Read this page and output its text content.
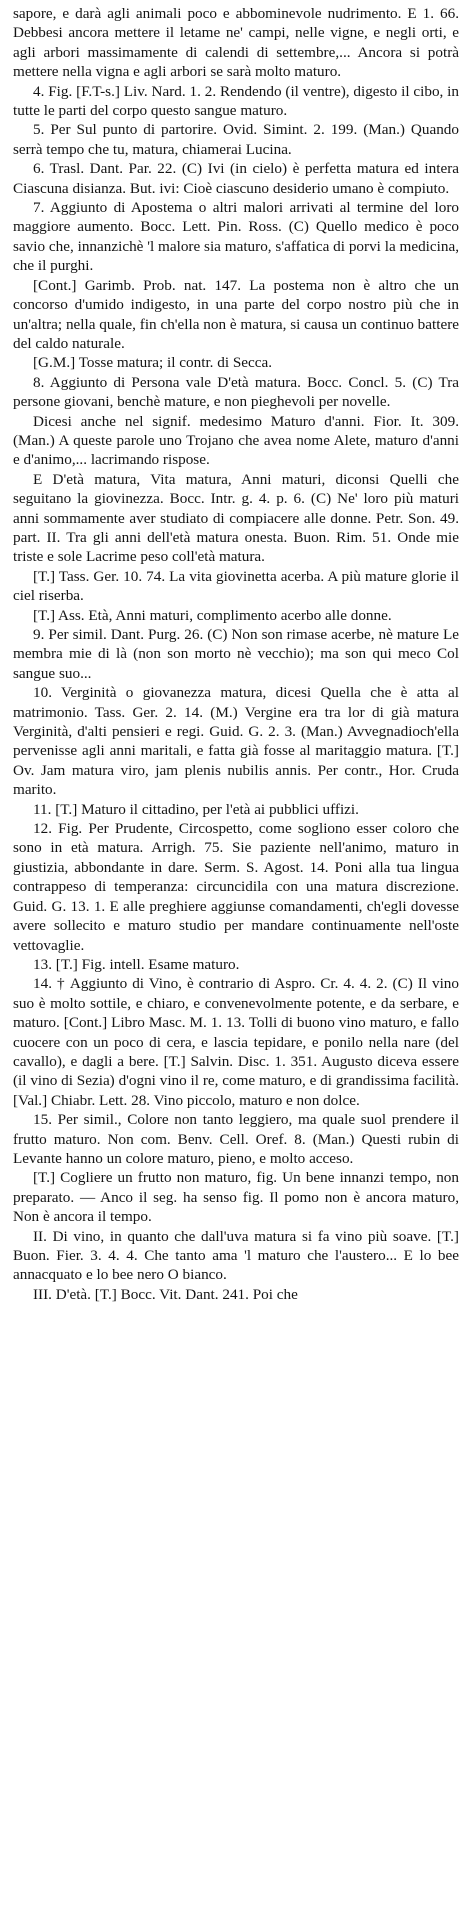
sapore, e darà agli animali poco e abbominevole nudrimento. E 1. 66. Debbesi ancora mettere il letame ne' campi, nelle vigne, e negli orti, e agli arbori massimamente di calendi di settembre,... Ancora si potrà mettere nella vigna e agli arbori se sarà molto maturo.

4. Fig. [F.T-s.] Liv. Nard. 1. 2. Rendendo (il ventre), digesto il cibo, in tutte le parti del corpo questo sangue maturo.

5. Per Sul punto di partorire. Ovid. Simint. 2. 199. (Man.) Quando serrà tempo che tu, matura, chiamerai Lucina.

6. Trasl. Dant. Par. 22. (C) Ivi (in cielo) è perfetta matura ed intera Ciascuna disianza. But. ivi: Cioè ciascuno desiderio umano è compiuto.

7. Aggiunto di Apostema o altri malori arrivati al termine del loro maggiore aumento. Bocc. Lett. Pin. Ross. (C) Quello medico è poco savio che, innanzichè 'l malore sia maturo, s'affatica di porvi la medicina, che il purghi.

[Cont.] Garimb. Prob. nat. 147. La postema non è altro che un concorso d'umido indigesto, in una parte del corpo nostro più che in un'altra; nella quale, fin ch'ella non è matura, si causa un continuo battere del caldo naturale.

[G.M.] Tosse matura; il contr. di Secca.

8. Aggiunto di Persona vale D'età matura. Bocc. Concl. 5. (C) Tra persone giovani, benchè mature, e non pieghevoli per novelle.

Dicesi anche nel signif. medesimo Maturo d'anni. Fior. It. 309. (Man.) A queste parole uno Trojano che avea nome Alete, maturo d'anni e d'animo,... lacrimando rispose.

E D'età matura, Vita matura, Anni maturi, diconsi Quelli che seguitano la giovinezza. Bocc. Intr. g. 4. p. 6. (C) Ne' loro più maturi anni sommamente aver studiato di compiacere alle donne. Petr. Son. 49. part. II. Tra gli anni dell'età matura onesta. Buon. Rim. 51. Onde mie triste e sole Lacrime peso coll'età matura.

[T.] Tass. Ger. 10. 74. La vita giovinetta acerba. A più mature glorie il ciel riserba.

[T.] Ass. Età, Anni maturi, complimento acerbo alle donne.

9. Per simil. Dant. Purg. 26. (C) Non son rimase acerbe, nè mature Le membra mie di là (non son morto nè vecchio); ma son qui meco Col sangue suo...

10. Verginità o giovanezza matura, dicesi Quella che è atta al matrimonio. Tass. Ger. 2. 14. (M.) Vergine era tra lor di già matura Verginità, d'alti pensieri e regi. Guid. G. 2. 3. (Man.) Avvegnadioch'ella pervenisse agli anni maritali, e fatta già fosse al maritaggio matura. [T.] Ov. Jam matura viro, jam plenis nubilis annis. Per contr., Hor. Cruda marito.

11. [T.] Maturo il cittadino, per l'età ai pubblici uffizi.

12. Fig. Per Prudente, Circospetto, come sogliono esser coloro che sono in età matura. Arrigh. 75. Sie paziente nell'animo, maturo in giustizia, abbondante in dare. Serm. S. Agost. 14. Poni alla tua lingua contrappeso di temperanza: circuncidila con una matura discrezione. Guid. G. 13. 1. E alle preghiere aggiunse comandamenti, ch'egli dovesse avere sollecito e maturo studio per mandare continuamente nell'oste vettovaglie.

13. [T.] Fig. intell. Esame maturo.

14. † Aggiunto di Vino, è contrario di Aspro. Cr. 4. 4. 2. (C) Il vino suo è molto sottile, e chiaro, e convenevolmente potente, e da serbare, e maturo. [Cont.] Libro Masc. M. 1. 13. Tolli di buono vino maturo, e fallo cuocere con un poco di cera, e lascia tepidare, e ponilo nella nare (del cavallo), e dagli a bere. [T.] Salvin. Disc. 1. 351. Augusto diceva essere (il vino di Sezia) d'ogni vino il re, come maturo, e di grandissima facilità. [Val.] Chiabr. Lett. 28. Vino piccolo, maturo e non dolce.

15. Per simil., Colore non tanto leggiero, ma quale suol prendere il frutto maturo. Non com. Benv. Cell. Oref. 8. (Man.) Questi rubin di Levante hanno un colore maturo, pieno, e molto acceso.

[T.] Cogliere un frutto non maturo, fig. Un bene innanzi tempo, non preparato. — Anco il seg. ha senso fig. Il pomo non è ancora maturo, Non è ancora il tempo.

II. Di vino, in quanto che dall'uva matura si fa vino più soave. [T.] Buon. Fier. 3. 4. 4. Che tanto ama 'l maturo che l'austero... E lo bee annacquato e lo bee nero O bianco.

III. D'età. [T.] Bocc. Vit. Dant. 241. Poi che
